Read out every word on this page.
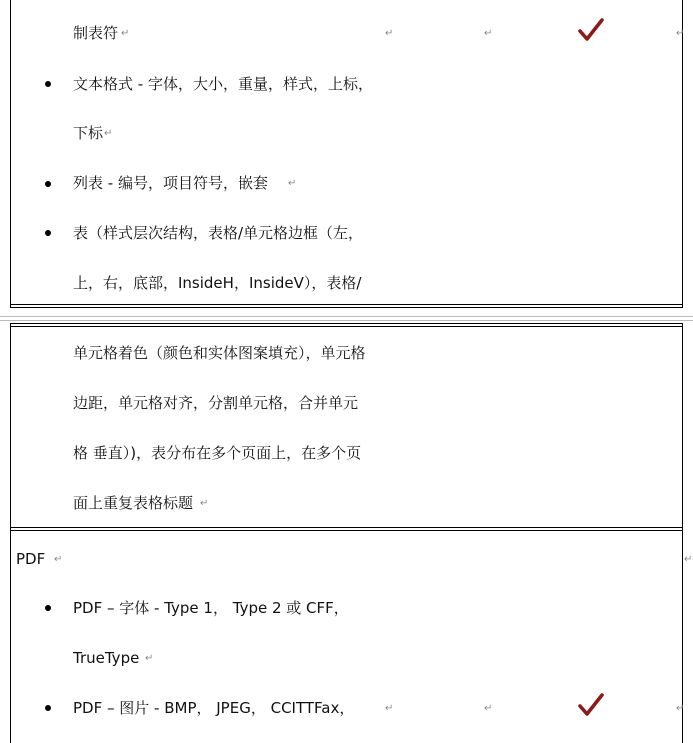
制表符 ↵	↵	↵	↵
文本格式 - 字体，大小，重量，样式，上标，
下标 ↵
列表 - 编号，项目符号，嵌套 ↵
表（样式层次结构，表格/单元格边框（左，
上，右，底部，InsideH，InsideV），表格/
单元格着色（颜色和实体图案填充），单元格
边距，单元格对齐，分割单元格，合并单元
格 垂直）)，表分布在多个页面上，在多个页
面上重复表格标题 ↵
PDF ↵	↵
PDF – 字体 - Type 1， Type 2 或 CFF，
TrueType ↵
PDF – 图片 - BMP， JPEG， CCITTFax，	↵	↵	↵
